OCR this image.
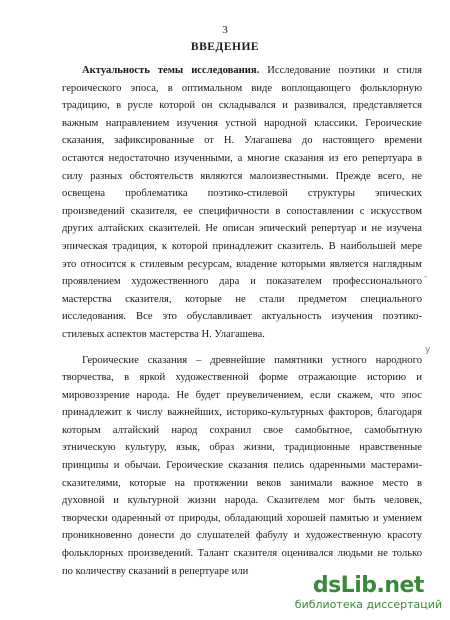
3
ВВЕДЕНИЕ
Актуальность темы исследования. Исследование поэтики и стиля
героического эпоса, в оптимальном виде воплощающего фольклорную
традицию, в русле которой он складывался и развивался, представляется
важным направлением изучения устной народной классики. Героические
сказания, зафиксированные от Н. Улагашева до настоящего времени
остаются недостаточно изученными, а многие сказания из его репертуара в
силу разных обстоятельств являются малоизвестными. Прежде всего, не
освещена проблематика поэтико-стилевой структуры эпических
произведений сказителя, ее специфичности в сопоставлении с искусством
других алтайских сказителей. Не описан эпический репертуар и не изучена
эпическая традиция, к которой принадлежит сказитель. В наибольшей мере
это относится к стилевым ресурсам, владение которыми является наглядным
проявлением художественного дара и показателем профессионального
мастерства сказителя, которые не стали предметом специального
исследования. Все это обуславливает актуальность изучения поэтико-
стилевых аспектов мастерства Н. Улагашева.
Героические сказания – древнейшие памятники устного народного
творчества, в яркой художественной форме отражающие историю и
мировоззрение народа. Не будет преувеличением, если скажем, что эпос
принадлежит к числу важнейших, историко-культурных факторов, благодаря
которым алтайский народ сохранил свое самобытное, самобытную
этническую культуру, язык, образ жизни, традиционные нравственные
принципы и обычаи. Героические сказания пелись одаренными мастерами-
сказителями, которые на протяжении веков занимали важное место в
духовной и культурной жизни народа. Сказителем мог быть человек,
творчески одаренный от природы, обладающий хорошей памятью и умением
проникновенно донести до слушателей фабулу и художественную красоту
фольклорных произведений. Талант сказителя оценивался людьми не только
по количеству сказаний в репертуаре или
-
y
dsLib.net
библиотека диссертаций
